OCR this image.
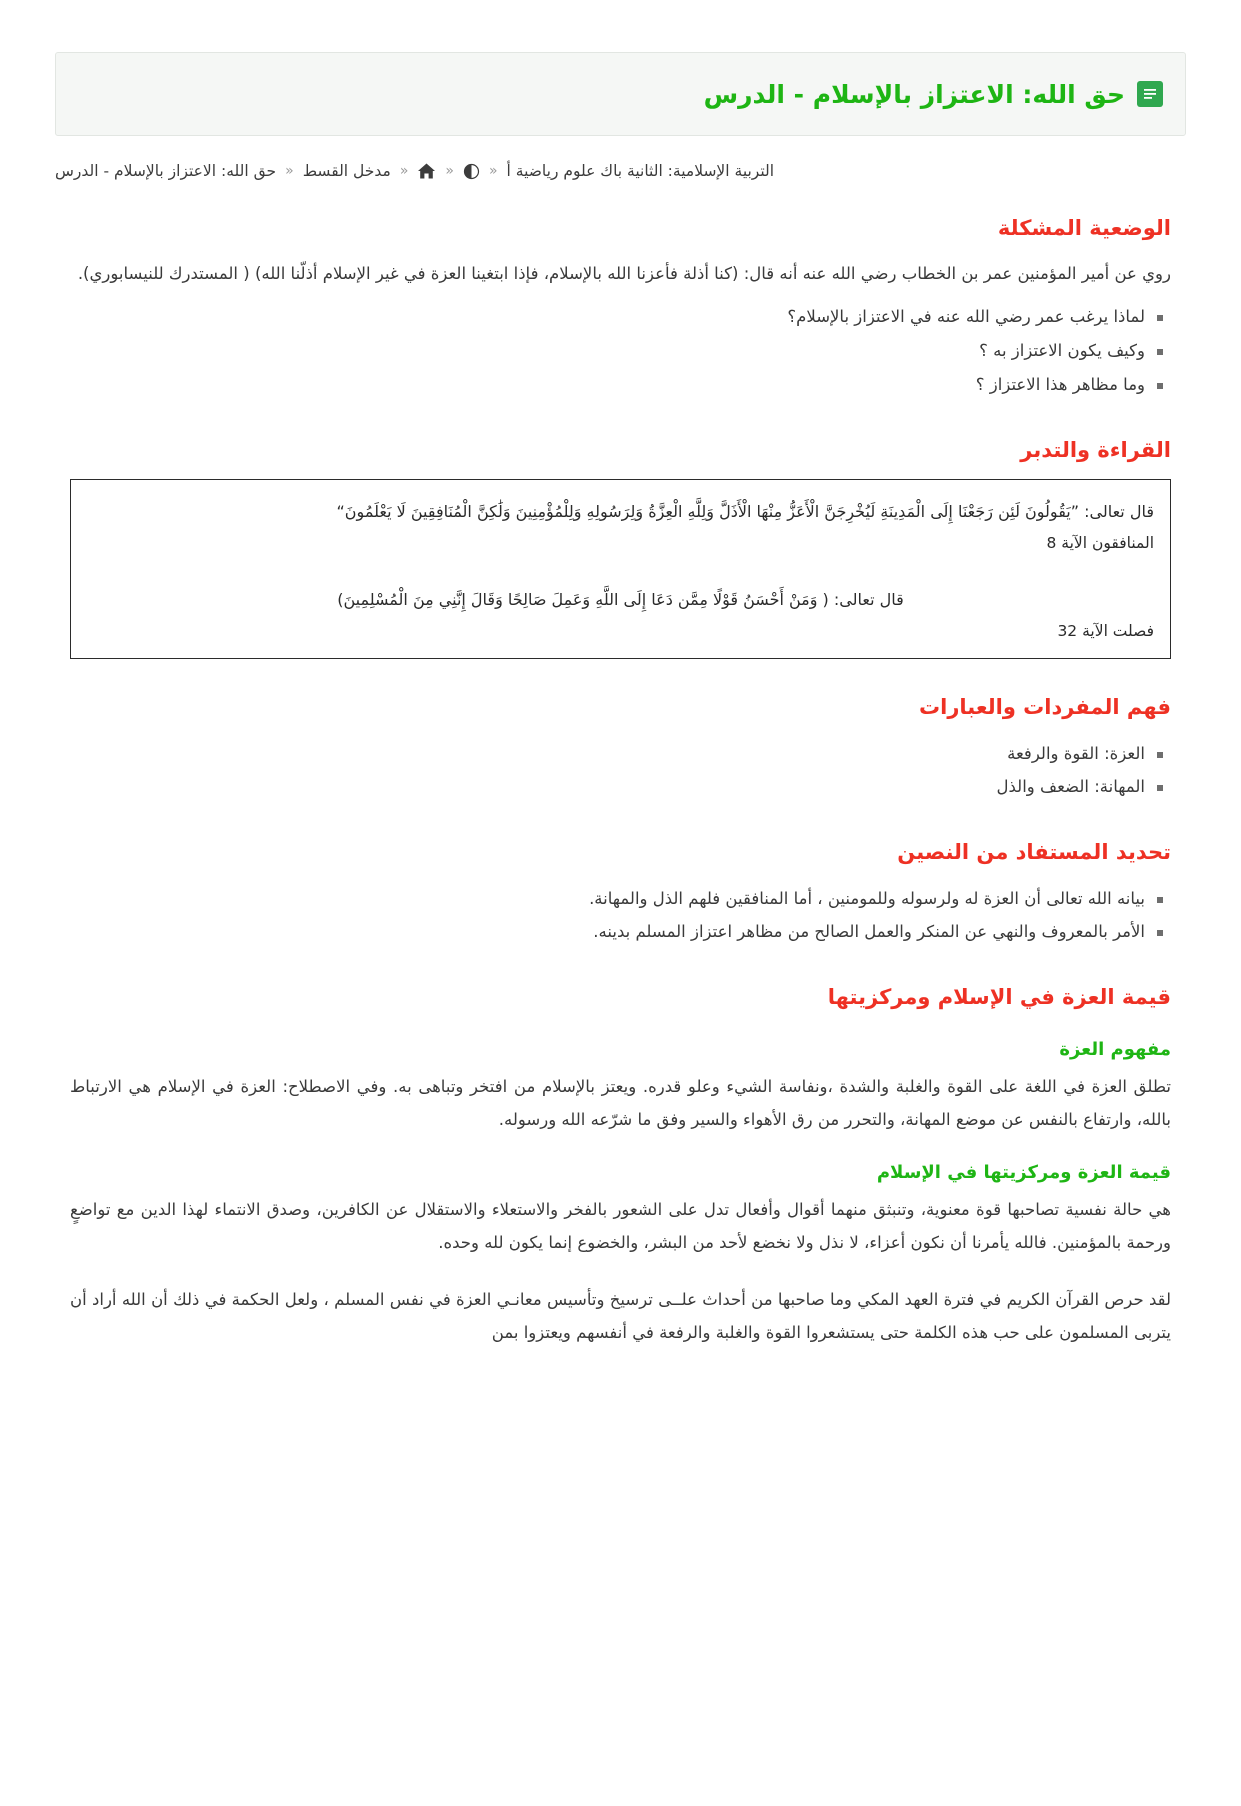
حق الله: الاعتزاز بالإسلام - الدرس
التربية الإسلامية: الثانية باك علوم رياضية أ
«
«
«
مدخل القسط
«
حق الله: الاعتزاز بالإسلام - الدرس
الوضعية المشكلة

روي عن أمير المؤمنين عمر بن الخطاب رضي الله عنه أنه قال: (كنا أذلة فأعزنا الله بالإسلام، فإذا ابتغينا العزة في غير الإسلام أذلّنا الله) ( المستدرك للنيسابوري).

لماذا يرغب عمر رضي الله عنه في الاعتزاز بالإسلام؟
وكيف يكون الاعتزاز به ؟
وما مظاهر هذا الاعتزاز ؟
القراءة والتدبر

قال تعالى: ”يَقُولُونَ لَئِن رَجَعْنَا إِلَى الْمَدِينَةِ لَيُخْرِجَنَّ الْأَعَزُّ مِنْهَا الْأَذَلَّ وَلِلَّهِ الْعِزَّةُ وَلِرَسُولِهِ وَلِلْمُؤْمِنِينَ وَلَٰكِنَّ الْمُنَافِقِينَ لَا يَعْلَمُونَ“

المنافقون الآية 8

قال تعالى: ( وَمَنْ أَحْسَنُ قَوْلًا مِمَّن دَعَا إِلَى اللَّهِ وَعَمِلَ صَالِحًا وَقَالَ إِنَّنِي مِنَ الْمُسْلِمِينَ)

فصلت الآية 32

فهم المفردات والعبارات
العزة: القوة والرفعة
المهانة: الضعف والذل
تحديد المستفاد من النصين
بيانه الله تعالى أن العزة له ولرسوله وللمومنين ، أما المنافقين فلهم الذل والمهانة.
الأمر بالمعروف والنهي عن المنكر والعمل الصالح من مظاهر اعتزاز المسلم بدينه.
قيمة العزة في الإسلام ومركزيتها
مفهوم العزة

تطلق العزة في اللغة على القوة والغلبة والشدة ،ونفاسة الشيء وعلو قدره. ويعتز بالإسلام من افتخر وتباهى به. وفي الاصطلاح: العزة في الإسلام هي الارتباط بالله، وارتفاع بالنفس عن موضع المهانة، والتحرر من رق الأهواء والسير وفق ما شرّعه الله ورسوله.

قيمة العزة ومركزيتها في الإسلام

هي حالة نفسية تصاحبها قوة معنوية، وتنبثق منهما أقوال وأفعال تدل على الشعور بالفخر والاستعلاء والاستقلال عن الكافرين، وصدق الانتماء لهذا الدين مع تواضعٍ ورحمة بالمؤمنين. فالله يأمرنا أن نكون أعزاء، لا نذل ولا نخضع لأحد من البشر، والخضوع إنما يكون لله وحده.

لقد حرص القرآن الكريم في فترة العهد المكي وما صاحبها من أحداث علــى ترسيخ وتأسيس معانـي العزة في نفس المسلم ، ولعل الحكمة في ذلك أن الله أراد أن يتربى المسلمون على حب هذه الكلمة حتى يستشعروا القوة والغلبة والرفعة في أنفسهم ويعتزوا بمن
